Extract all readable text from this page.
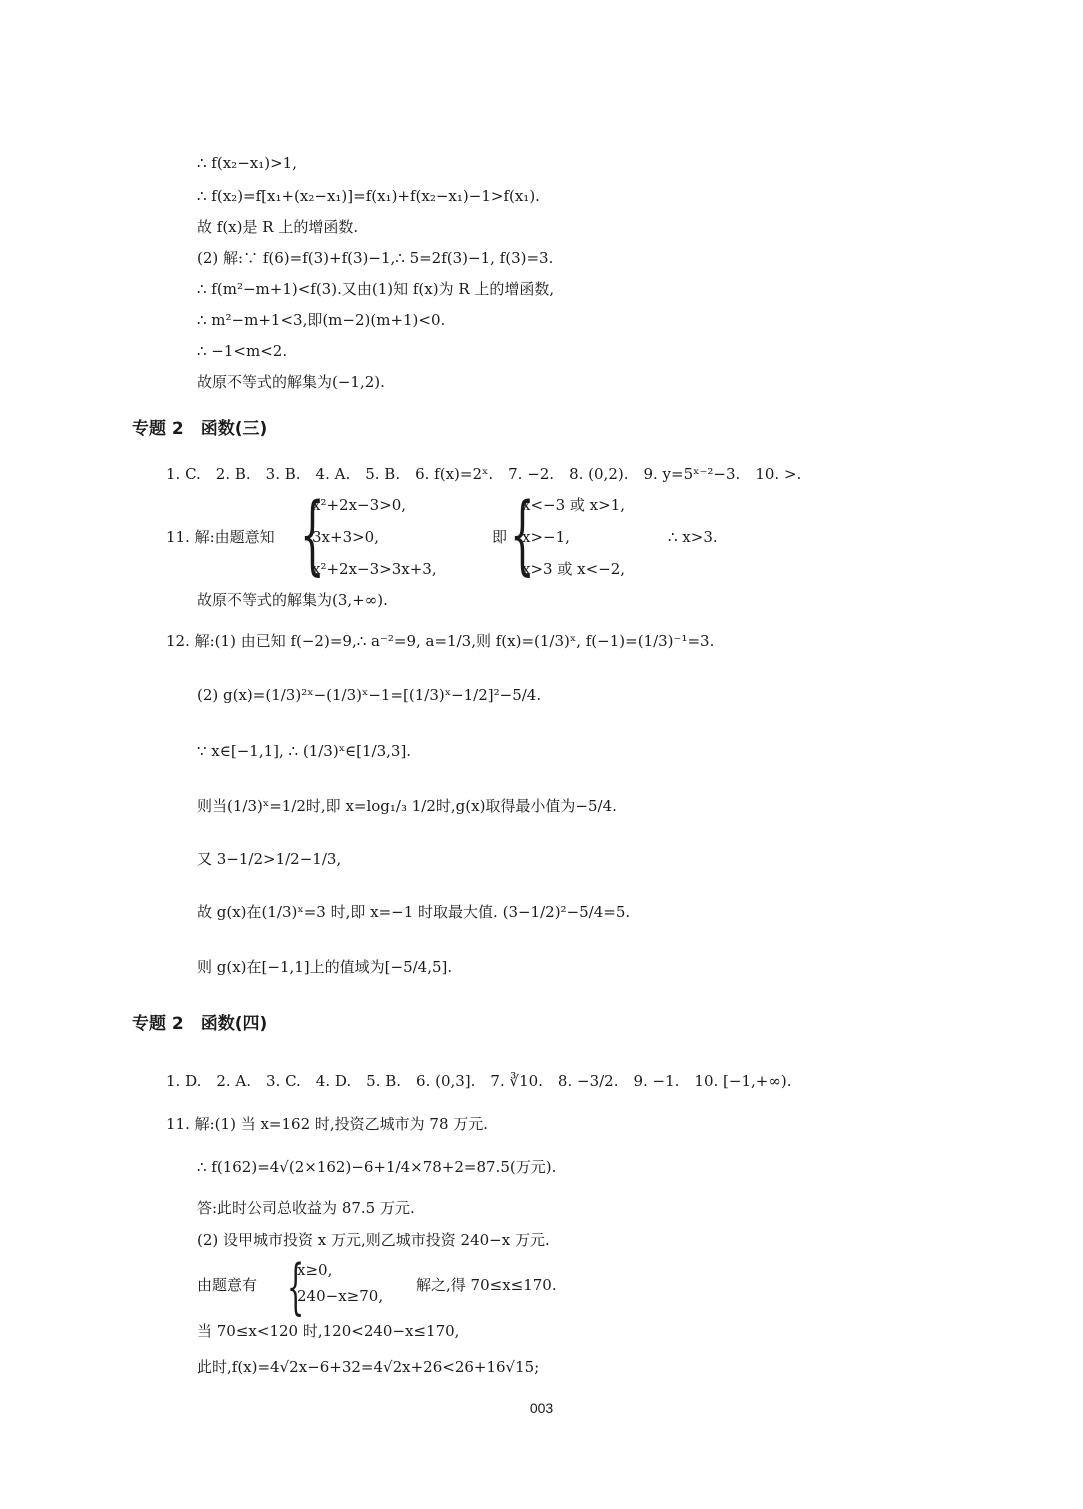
∴ f(x₂−x₁)>1,
∴ f(x₂)=f[x₁+(x₂−x₁)]=f(x₁)+f(x₂−x₁)−1>f(x₁).
故 f(x)是 R 上的增函数.
(2) 解:∵ f(6)=f(3)+f(3)−1,∴ 5=2f(3)−1, f(3)=3.
∴ f(m²−m+1)<f(3).又由(1)知 f(x)为 R 上的增函数,
∴ m²−m+1<3,即(m−2)(m+1)<0.
∴ −1<m<2.
故原不等式的解集为(−1,2).
专题 2　函数(三)
1. C.　2. B.　3. B.　4. A.　5. B.　6. f(x)=2ˣ.　7. −2.　8. (0,2).　9. y=5ˣ⁻²−3.　10. >.
11. 解:由题意知 {
x²+2x−3>0,
3x+3>0,
x²+2x−3>3x+3,
即 {
x<−3 或 x>1,
x>−1,
x>3 或 x<−2,
∴ x>3.
故原不等式的解集为(3,+∞).
12. 解:(1) 由已知 f(−2)=9,∴ a⁻²=9, a=1/3,则 f(x)=(1/3)ˣ, f(−1)=(1/3)⁻¹=3.
(2) g(x)=(1/3)²ˣ−(1/3)ˣ−1=[(1/3)ˣ−1/2]²−5/4.
∵ x∈[−1,1], ∴ (1/3)ˣ∈[1/3,3].
则当(1/3)ˣ=1/2时,即 x=log₁/₃ 1/2时,g(x)取得最小值为−5/4.
又 3−1/2>1/2−1/3,
故 g(x)在(1/3)ˣ=3 时,即 x=−1 时取最大值. (3−1/2)²−5/4=5.
则 g(x)在[−1,1]上的值域为[−5/4,5].
专题 2　函数(四)
1. D.　2. A.　3. C.　4. D.　5. B.　6. (0,3].　7. ∛10.　8. −3/2.　9. −1.　10. [−1,+∞).
11. 解:(1) 当 x=162 时,投资乙城市为 78 万元.
∴ f(162)=4√(2×162)−6+1/4×78+2=87.5(万元).
答:此时公司总收益为 87.5 万元.
(2) 设甲城市投资 x 万元,则乙城市投资 240−x 万元.
由题意有 {
x≥0,
240−x≥70,
解之,得 70≤x≤170.
当 70≤x<120 时,120<240−x≤170,
此时,f(x)=4√2x−6+32=4√2x+26<26+16√15;
003
